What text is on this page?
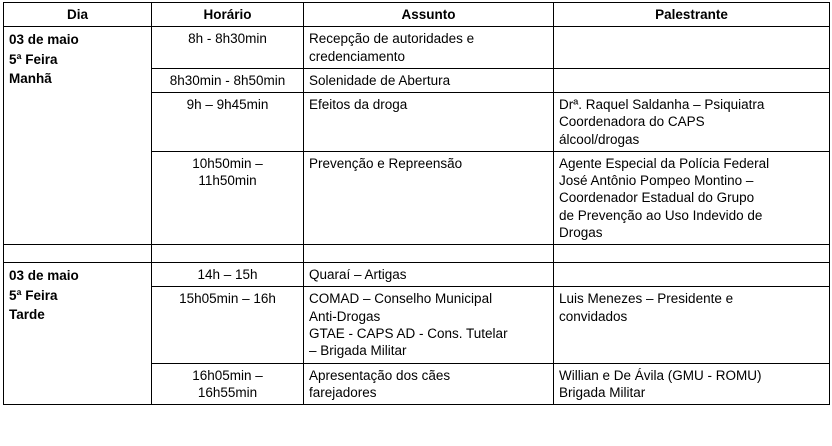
Dia	Horário	Assunto	Palestrante

03 de maio
5ª Feira
Manhã	8h - 8h30min	Recepção de autoridades e
credenciamento	

	8h30min - 8h50min	Solenidade de Abertura	

	9h – 9h45min	Efeitos da droga	Drª. Raquel Saldanha – Psiquiatra
Coordenadora do CAPS
álcool/drogas

	10h50min –
11h50min	Prevenção e Repreensão	Agente Especial da Polícia Federal
José Antônio Pompeo Montino –
Coordenador Estadual do Grupo
de Prevenção ao Uso Indevido de
Drogas

03 de maio
5ª Feira
Tarde	14h – 15h	Quaraí – Artigas	

	15h05min – 16h	COMAD – Conselho Municipal
Anti-Drogas
GTAE - CAPS AD - Cons. Tutelar
– Brigada Militar	Luis Menezes – Presidente e
convidados

	16h05min –
16h55min	Apresentação dos cães
farejadores	Willian e De Ávila (GMU - ROMU)
Brigada Militar
